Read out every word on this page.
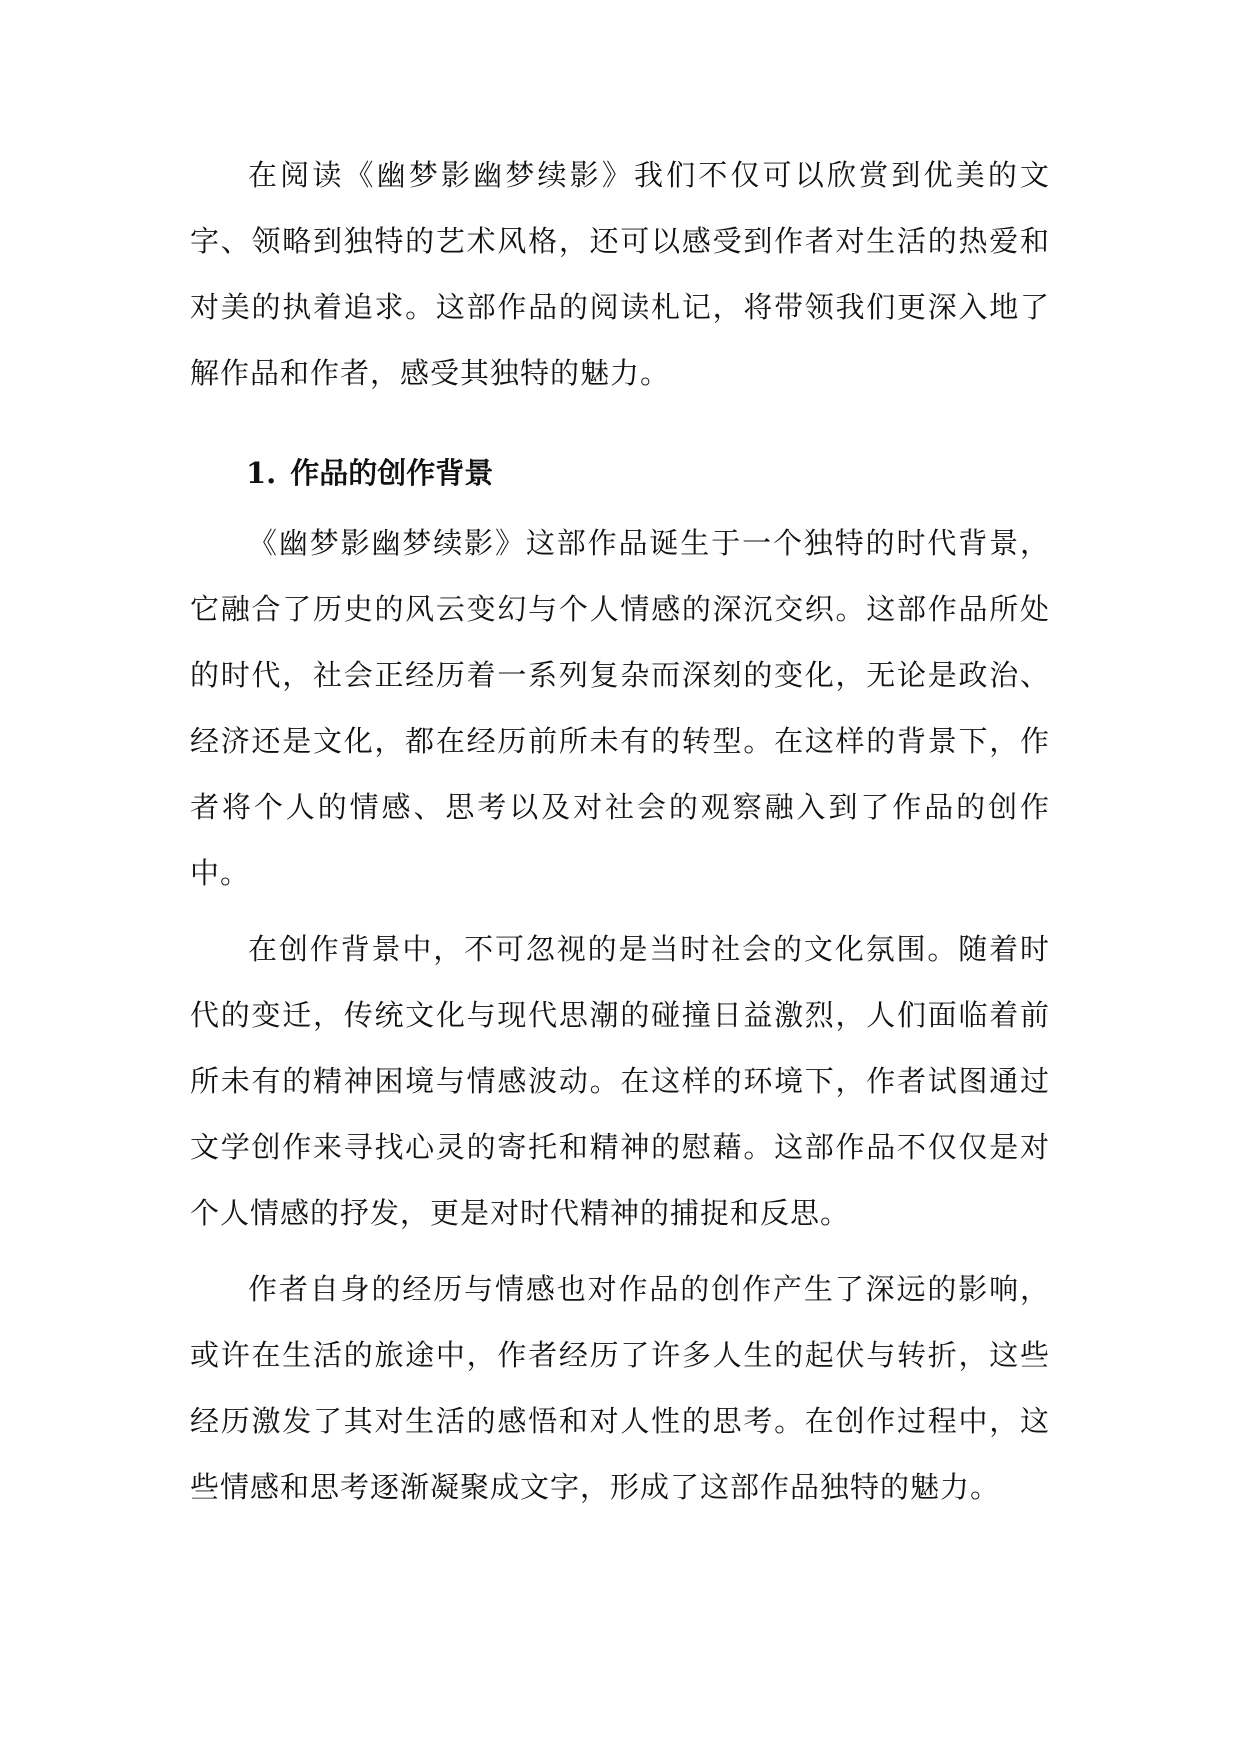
在阅读《幽梦影幽梦续影》我们不仅可以欣赏到优美的文字、领略到独特的艺术风格，还可以感受到作者对生活的热爱和对美的执着追求。这部作品的阅读札记，将带领我们更深入地了解作品和作者，感受其独特的魅力。

1. 作品的创作背景

《幽梦影幽梦续影》这部作品诞生于一个独特的时代背景，它融合了历史的风云变幻与个人情感的深沉交织。这部作品所处的时代，社会正经历着一系列复杂而深刻的变化，无论是政治、经济还是文化，都在经历前所未有的转型。在这样的背景下，作者将个人的情感、思考以及对社会的观察融入到了作品的创作中。

在创作背景中，不可忽视的是当时社会的文化氛围。随着时代的变迁，传统文化与现代思潮的碰撞日益激烈，人们面临着前所未有的精神困境与情感波动。在这样的环境下，作者试图通过文学创作来寻找心灵的寄托和精神的慰藉。这部作品不仅仅是对个人情感的抒发，更是对时代精神的捕捉和反思。

作者自身的经历与情感也对作品的创作产生了深远的影响，或许在生活的旅途中，作者经历了许多人生的起伏与转折，这些经历激发了其对生活的感悟和对人性的思考。在创作过程中，这些情感和思考逐渐凝聚成文字，形成了这部作品独特的魅力。
